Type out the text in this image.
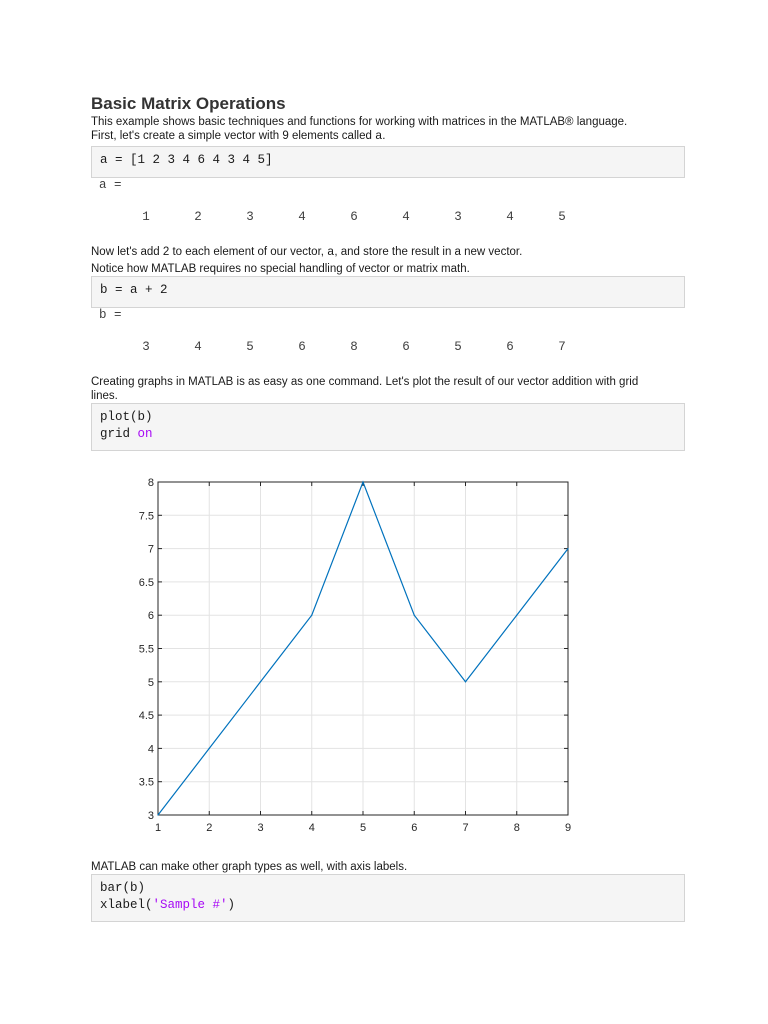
Basic Matrix Operations

This example shows basic techniques and functions for working with matrices in the MATLAB® language.

First, let's create a simple vector with 9 elements called a.

a = [1 2 3 4 6 4 3 4 5]
a =
1	2	3	4	6	4	3	4	5

Now let's add 2 to each element of our vector, a, and store the result in a new vector.

Notice how MATLAB requires no special handling of vector or matrix math.

b = a + 2
b =
3	4	5	6	8	6	5	6	7

Creating graphs in MATLAB is as easy as one command. Let's plot the result of our vector addition with grid

lines.

plot(b)
grid on

MATLAB can make other graph types as well, with axis labels.

bar(b)
xlabel('Sample #')
1	2	3	4	5	6	7	8	9
3
3.5
4
4.5
5
5.5
6
6.5
7
7.5
8
